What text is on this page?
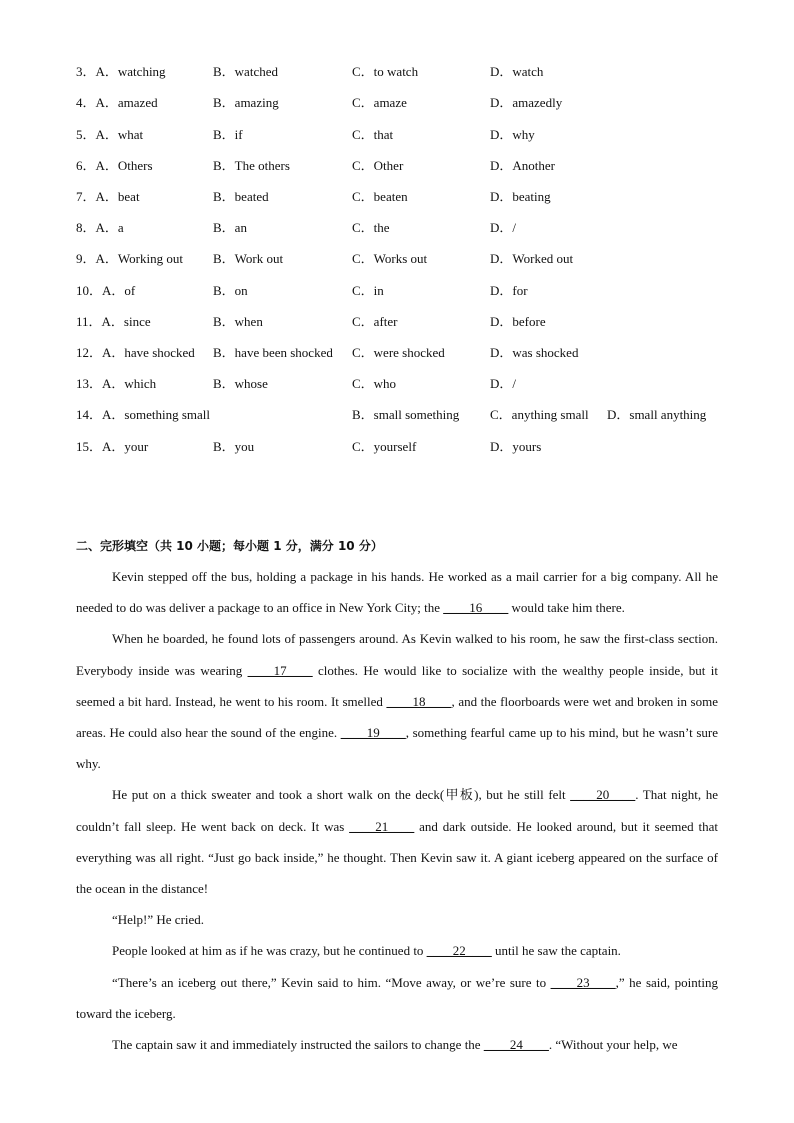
3．A．watching	B．watched	C．to watch	D．watch
4．A．amazed	B．amazing	C．amaze	D．amazedly
5．A．what	B．if	C．that	D．why
6．A．Others	B．The others	C．Other	D．Another
7．A．beat	B．beated	C．beaten	D．beating
8．A．a	B．an	C．the	D．/
9．A．Working out B．Work out	C．Works out	D．Worked out
10．A．of	B．on	C．in	D．for
11．A．since	B．when	C．after	D．before
12．A．have shocked B．have been shocked C．were shocked	D．was shocked
13．A．which	B．whose	C．who	D．/
15．A．your	B．you	C．yourself	D．yours
14．A．something small	B．small something C．anything small D．small anything
二、完形填空（共 10 小题；每小题 1 分，满分 10 分）

Kevin stepped off the bus, holding a package in his hands. He worked as a mail carrier for a big company. All he needed to do was deliver a package to an office in New York City; the ____16____ would take him there.

When he boarded, he found lots of passengers around. As Kevin walked to his room, he saw the first-class section. Everybody inside was wearing ____17____ clothes. He would like to socialize with the wealthy people inside, but it seemed a bit hard. Instead, he went to his room. It smelled ____18____, and the floorboards were wet and broken in some areas. He could also hear the sound of the engine. ____19____, something fearful came up to his mind, but he wasn’t sure why.

He put on a thick sweater and took a short walk on the deck(甲板), but he still felt ____20____. That night, he couldn’t fall sleep. He went back on deck. It was ____21____ and dark outside. He looked around, but it seemed that everything was all right. “Just go back inside,” he thought. Then Kevin saw it. A giant iceberg appeared on the surface of the ocean in the distance!

“Help!” He cried.

People looked at him as if he was crazy, but he continued to ____22____ until he saw the captain.

“There’s an iceberg out there,” Kevin said to him. “Move away, or we’re sure to ____23____,” he said, pointing toward the iceberg.

The captain saw it and immediately instructed the sailors to change the ____24____. “Without your help, we
